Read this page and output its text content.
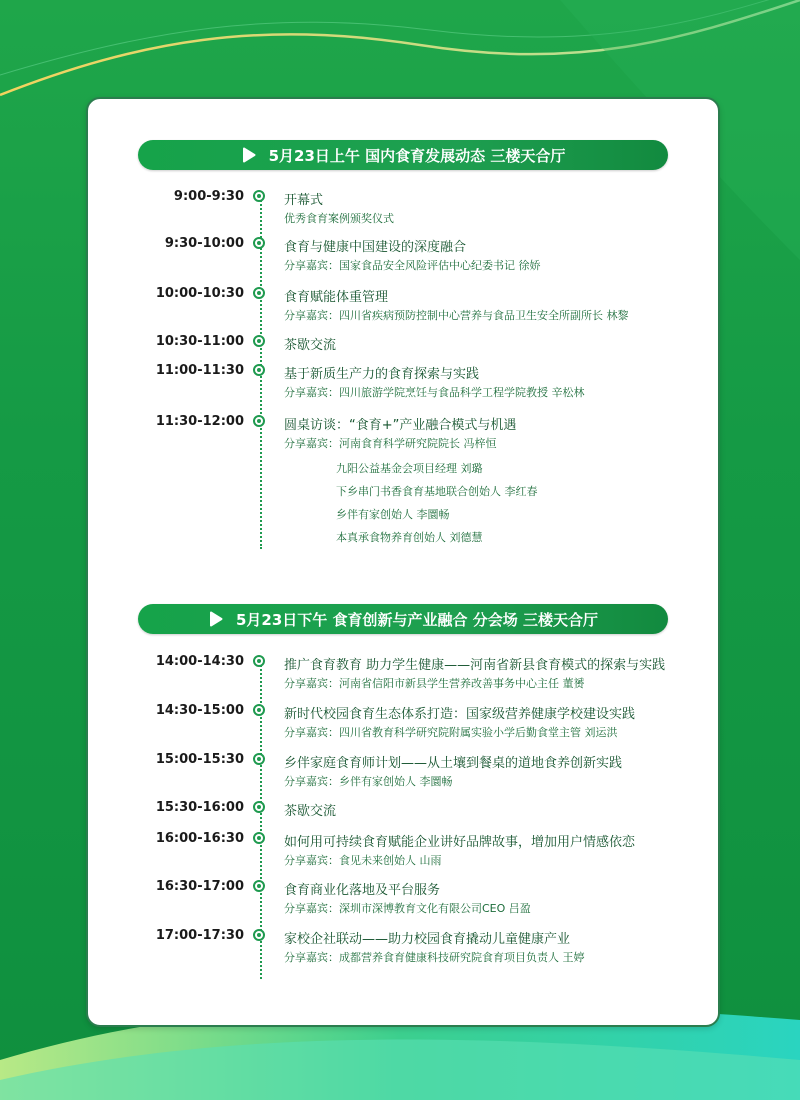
5月23日上午 国内食育发展动态 三楼天合厅
9:00-9:30	开幕式
优秀食育案例颁奖仪式
9:30-10:00	食育与健康中国建设的深度融合
分享嘉宾：国家食品安全风险评估中心纪委书记 徐娇
10:00-10:30	食育赋能体重管理
分享嘉宾：四川省疾病预防控制中心营养与食品卫生安全所副所长 林黎
10:30-11:00	茶歇交流
11:00-11:30	基于新质生产力的食育探索与实践
分享嘉宾：四川旅游学院烹饪与食品科学工程学院教授 辛松林
11:30-12:00	圆桌访谈：“食育+”产业融合模式与机遇
分享嘉宾：河南食育科学研究院院长 冯梓恒
九阳公益基金会项目经理 刘璐
下乡串门书香食育基地联合创始人 李红春
乡伴有家创始人 李圜畅
本真承食物养育创始人 刘德慧
5月23日下午 食育创新与产业融合 分会场 三楼天合厅
14:00-14:30	推广食育教育 助力学生健康——河南省新县食育模式的探索与实践
分享嘉宾：河南省信阳市新县学生营养改善事务中心主任 董赟
14:30-15:00	新时代校园食育生态体系打造：国家级营养健康学校建设实践
分享嘉宾：四川省教育科学研究院附属实验小学后勤食堂主管 刘运洪
15:00-15:30	乡伴家庭食育师计划——从土壤到餐桌的道地食养创新实践
分享嘉宾：乡伴有家创始人 李圜畅
15:30-16:00	茶歇交流
16:00-16:30	如何用可持续食育赋能企业讲好品牌故事，增加用户情感依恋
分享嘉宾：食见未来创始人 山雨
16:30-17:00	食育商业化落地及平台服务
分享嘉宾：深圳市深博教育文化有限公司CEO 吕盈
17:00-17:30	家校企社联动——助力校园食育撬动儿童健康产业
分享嘉宾：成都营养食育健康科技研究院食育项目负责人 王婷
